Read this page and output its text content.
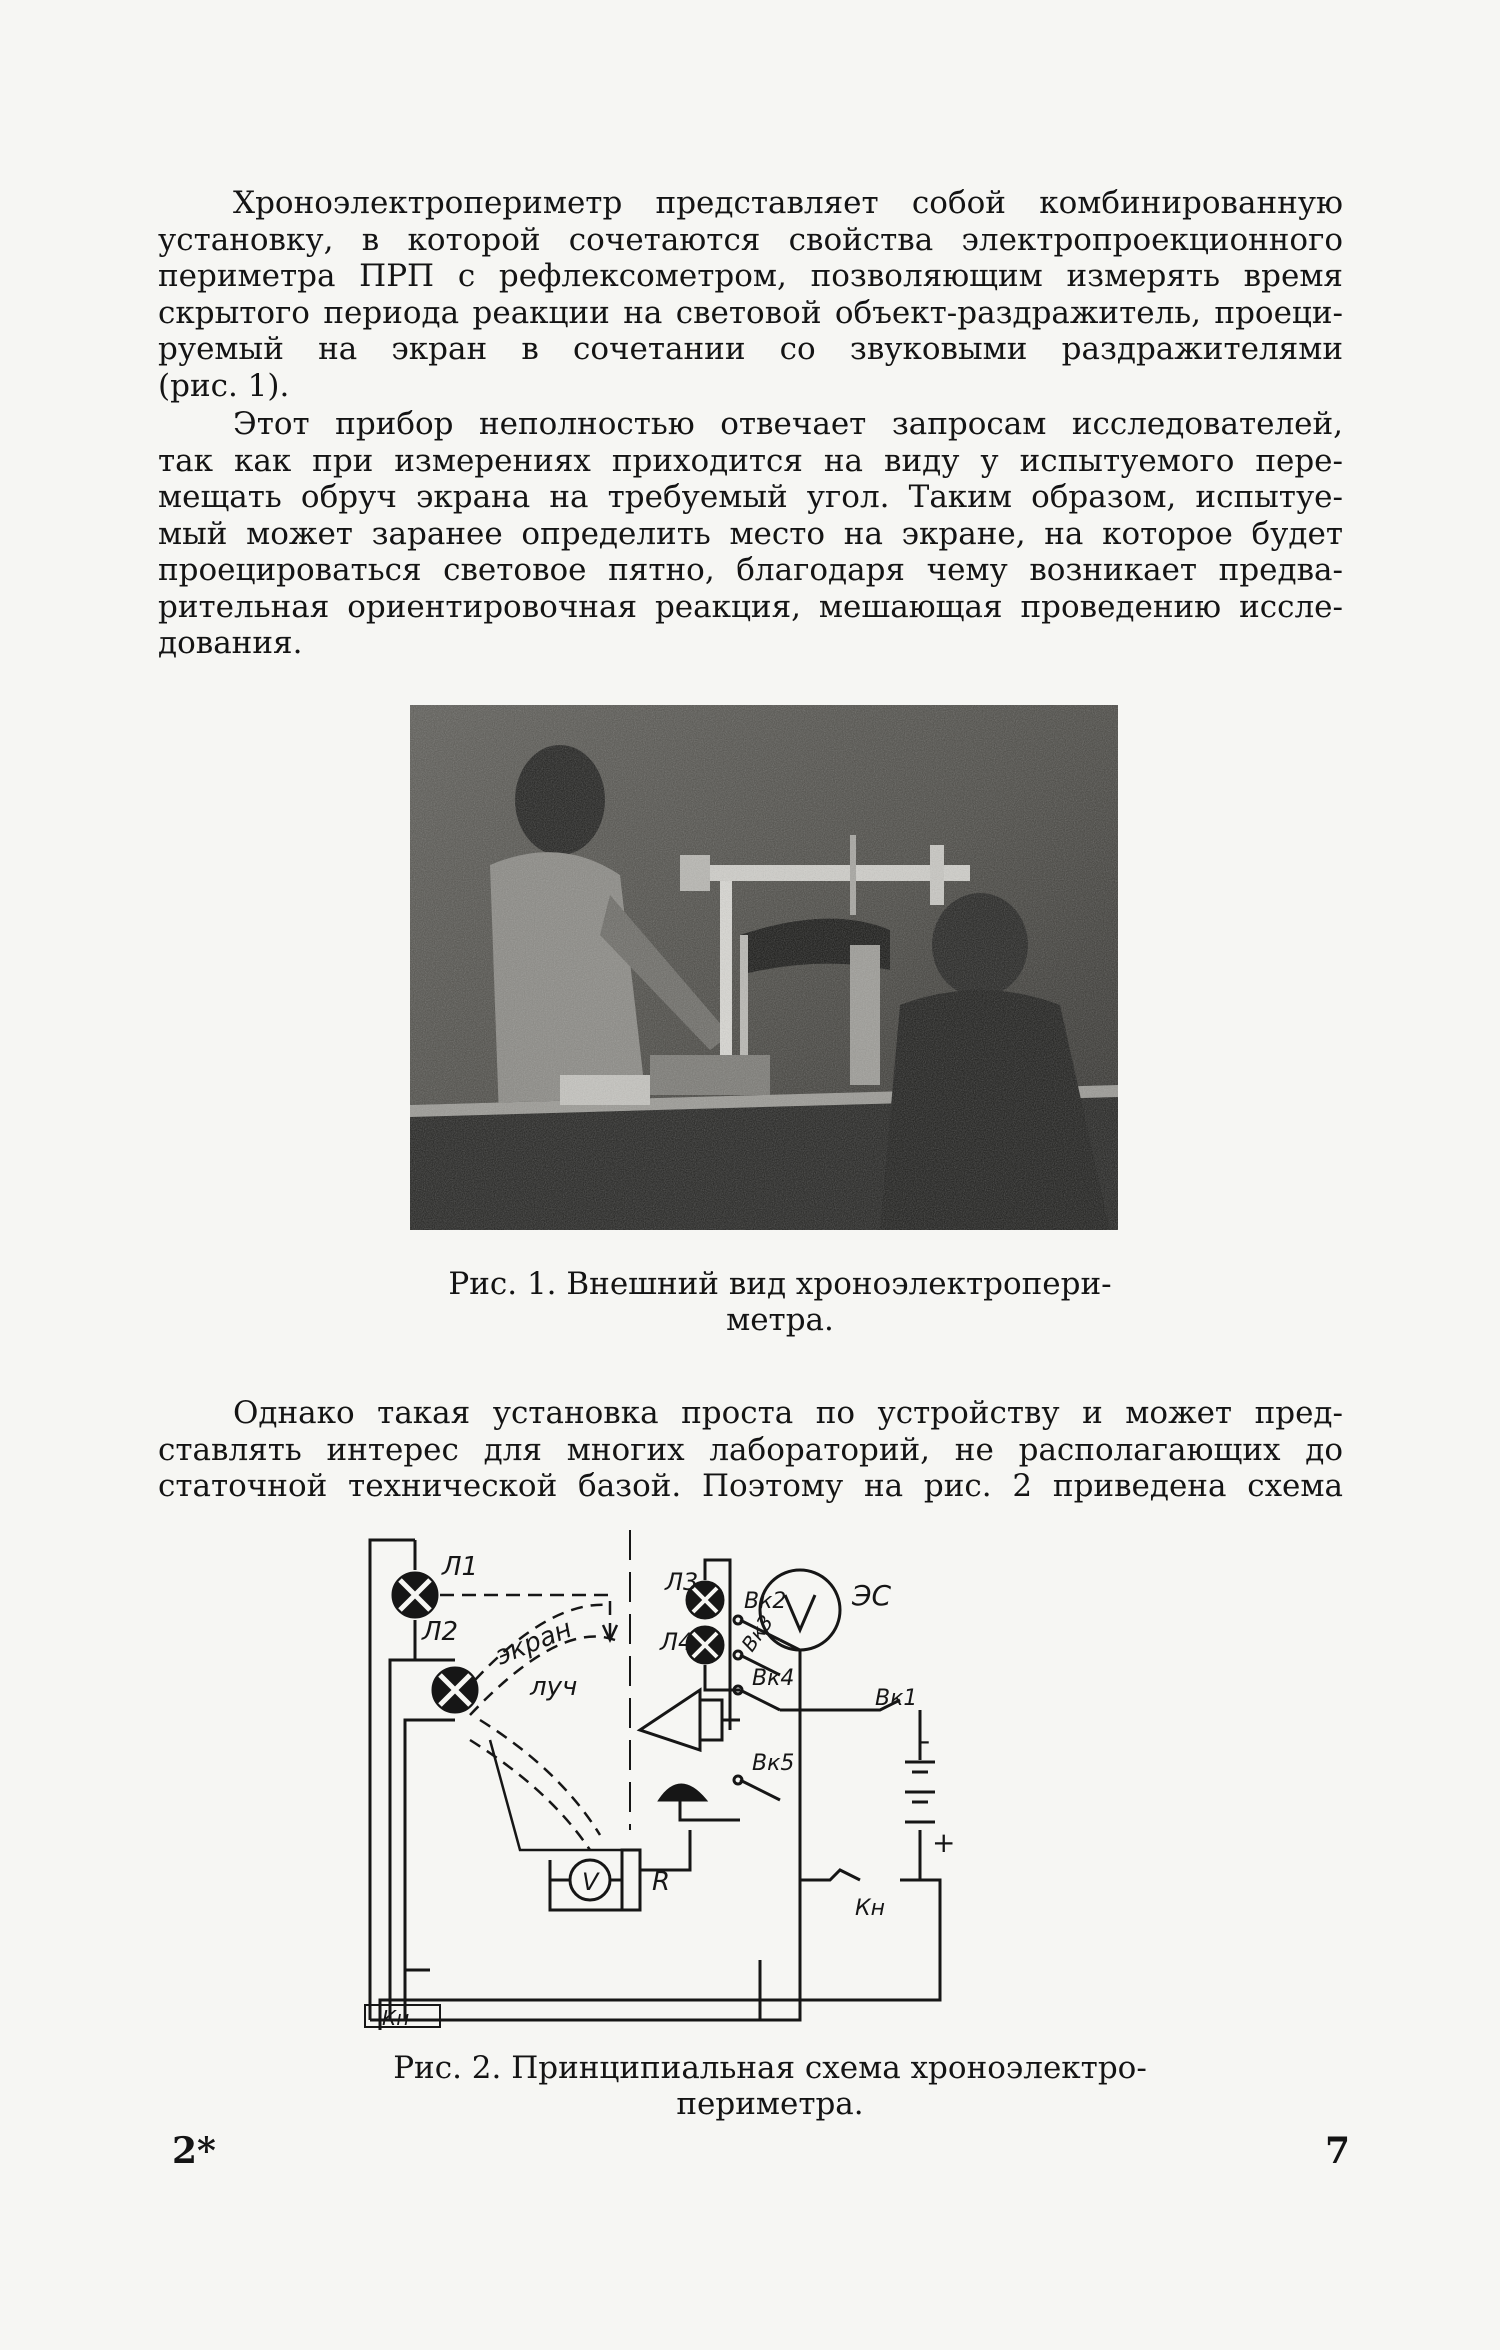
Хроноэлектропериметр представляет собой комбинированную
установку, в которой сочетаются свойства электропроекционного
периметра ПРП с рефлексометром, позволяющим измерять время
скрытого периода реакции на световой объект-раздражитель, проеци-
руемый на экран в сочетании со звуковыми раздражителями
(рис. 1).
Этот прибор неполностью отвечает запросам исследователей,
так как при измерениях приходится на виду у испытуемого пере-
мещать обруч экрана на требуемый угол. Таким образом, испытуе-
мый может заранее определить место на экране, на которое будет
проецироваться световое пятно, благодаря чему возникает предва-
рительная ориентировочная реакция, мешающая проведению иссле-
дования.
Рис. 1. Внешний вид хроноэлектропери-
метра.
Однако такая установка проста по устройству и может пред-
ставлять интерес для многих лабораторий, не располагающих до
статочной технической базой. Поэтому на рис. 2 приведена схема
Л1
Л2 экран
луч
V R
Л3
Л4
Вк2
Вк3
Вк4
Вк5
ЭС
-
+
Вк1
Кн
Кн
Рис. 2. Принципиальная схема хроноэлектро-
периметра.
2*	7
